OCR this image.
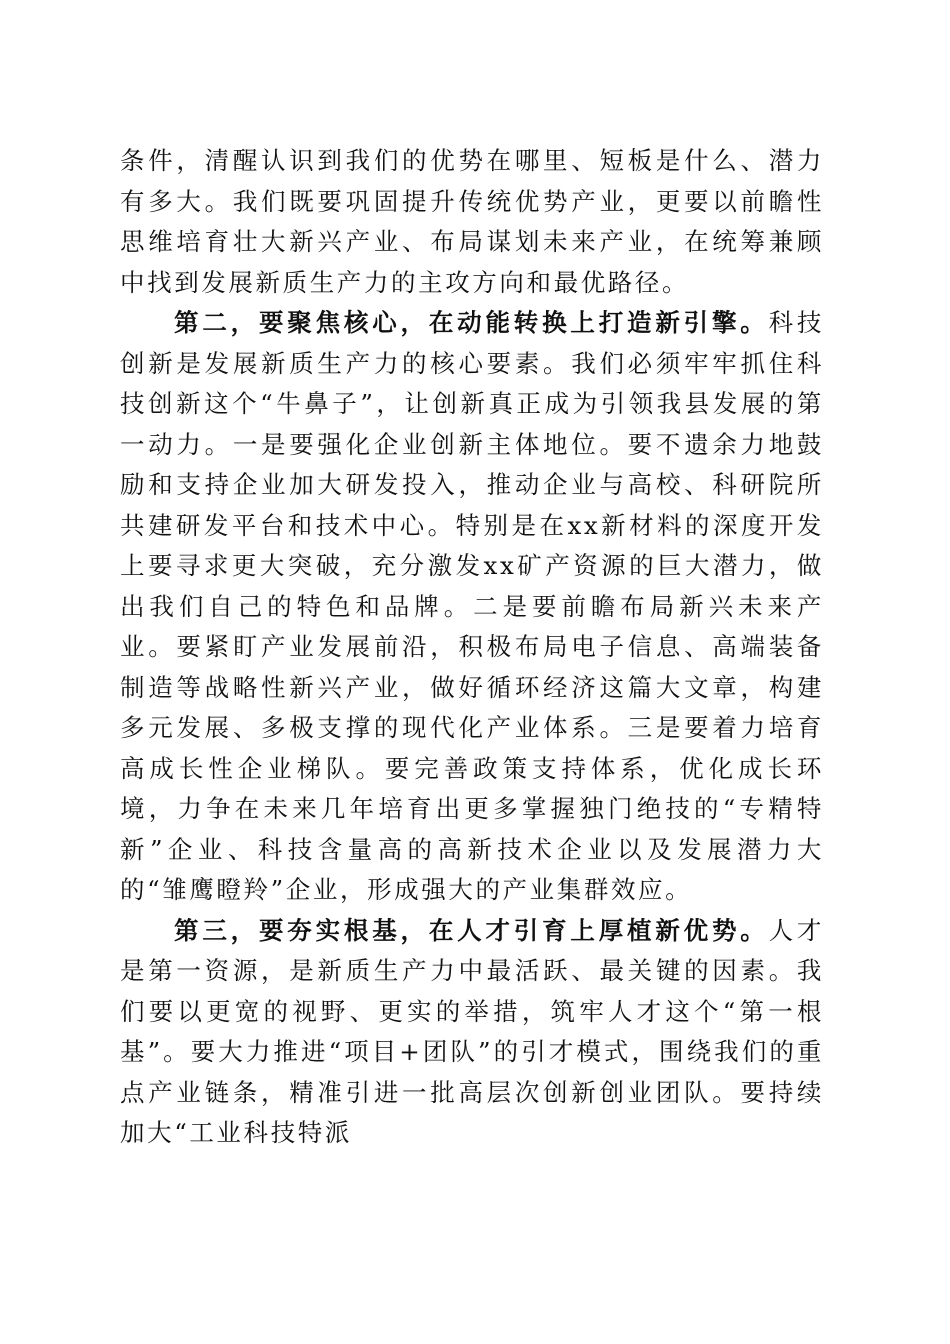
条件，清醒认识到我们的优势在哪里、短板是什么、潜力有多大。我们既要巩固提升传统优势产业，更要以前瞻性思维培育壮大新兴产业、布局谋划未来产业，在统筹兼顾中找到发展新质生产力的主攻方向和最优路径。

第二，要聚焦核心，在动能转换上打造新引擎。科技创新是发展新质生产力的核心要素。我们必须牢牢抓住科技创新这个“牛鼻子”，让创新真正成为引领我县发展的第一动力。一是要强化企业创新主体地位。要不遗余力地鼓励和支持企业加大研发投入，推动企业与高校、科研院所共建研发平台和技术中心。特别是在xx新材料的深度开发上要寻求更大突破，充分激发xx矿产资源的巨大潜力，做出我们自己的特色和品牌。二是要前瞻布局新兴未来产业。要紧盯产业发展前沿，积极布局电子信息、高端装备制造等战略性新兴产业，做好循环经济这篇大文章，构建多元发展、多极支撑的现代化产业体系。三是要着力培育高成长性企业梯队。要完善政策支持体系，优化成长环境，力争在未来几年培育出更多掌握独门绝技的“专精特新”企业、科技含量高的高新技术企业以及发展潜力大的“雏鹰瞪羚”企业，形成强大的产业集群效应。

第三，要夯实根基，在人才引育上厚植新优势。人才是第一资源，是新质生产力中最活跃、最关键的因素。我们要以更宽的视野、更实的举措，筑牢人才这个“第一根基”。要大力推进“项目+团队”的引才模式，围绕我们的重点产业链条，精准引进一批高层次创新创业团队。要持续加大“工业科技特派
